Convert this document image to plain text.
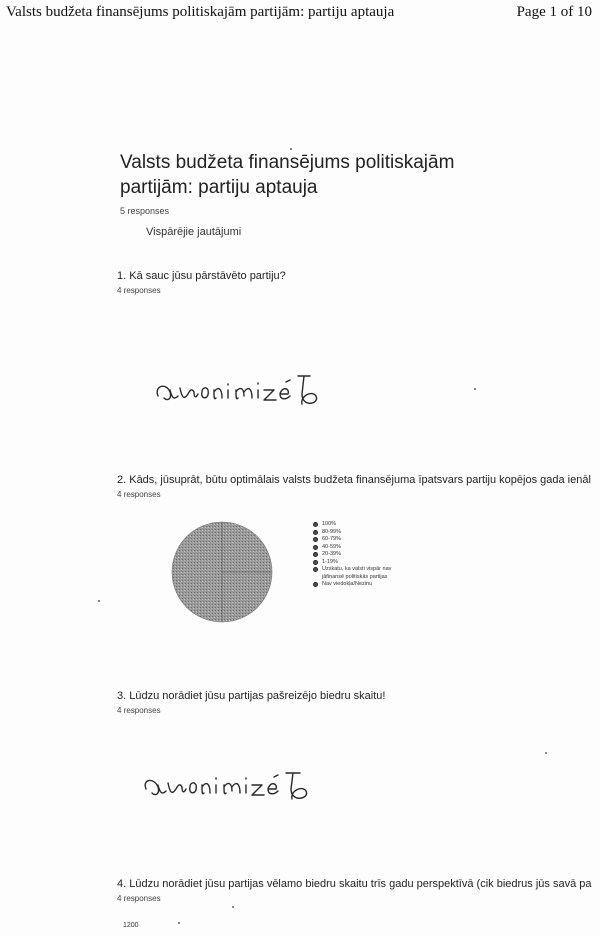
Valsts budžeta finansējums politiskajām partijām: partiju aptauja	Page 1 of 10
Valsts budžeta finansējums politiskajām partijām: partiju aptauja
5 responses
Vispārējie jautājumi
1. Kā sauc jūsu pārstāvēto partiju?
4 responses
2. Kāds, jūsuprāt, būtu optimālais valsts budžeta finansējuma īpatsvars partiju kopējos gada ienāl
4 responses
100%
80-99%
60-79%
40-59%
20-39%
1-19%
Uzskatu, ka valsti vispār nav
jāfinansē politiskās partijas
Nav viedokļa/Nezinu
3. Lūdzu norādiet jūsu partijas pašreizējo biedru skaitu!
4 responses
4. Lūdzu norādiet jūsu partijas vēlamo biedru skaitu trīs gadu perspektīvā (cik biedrus jūs savā pa
4 responses
1200
